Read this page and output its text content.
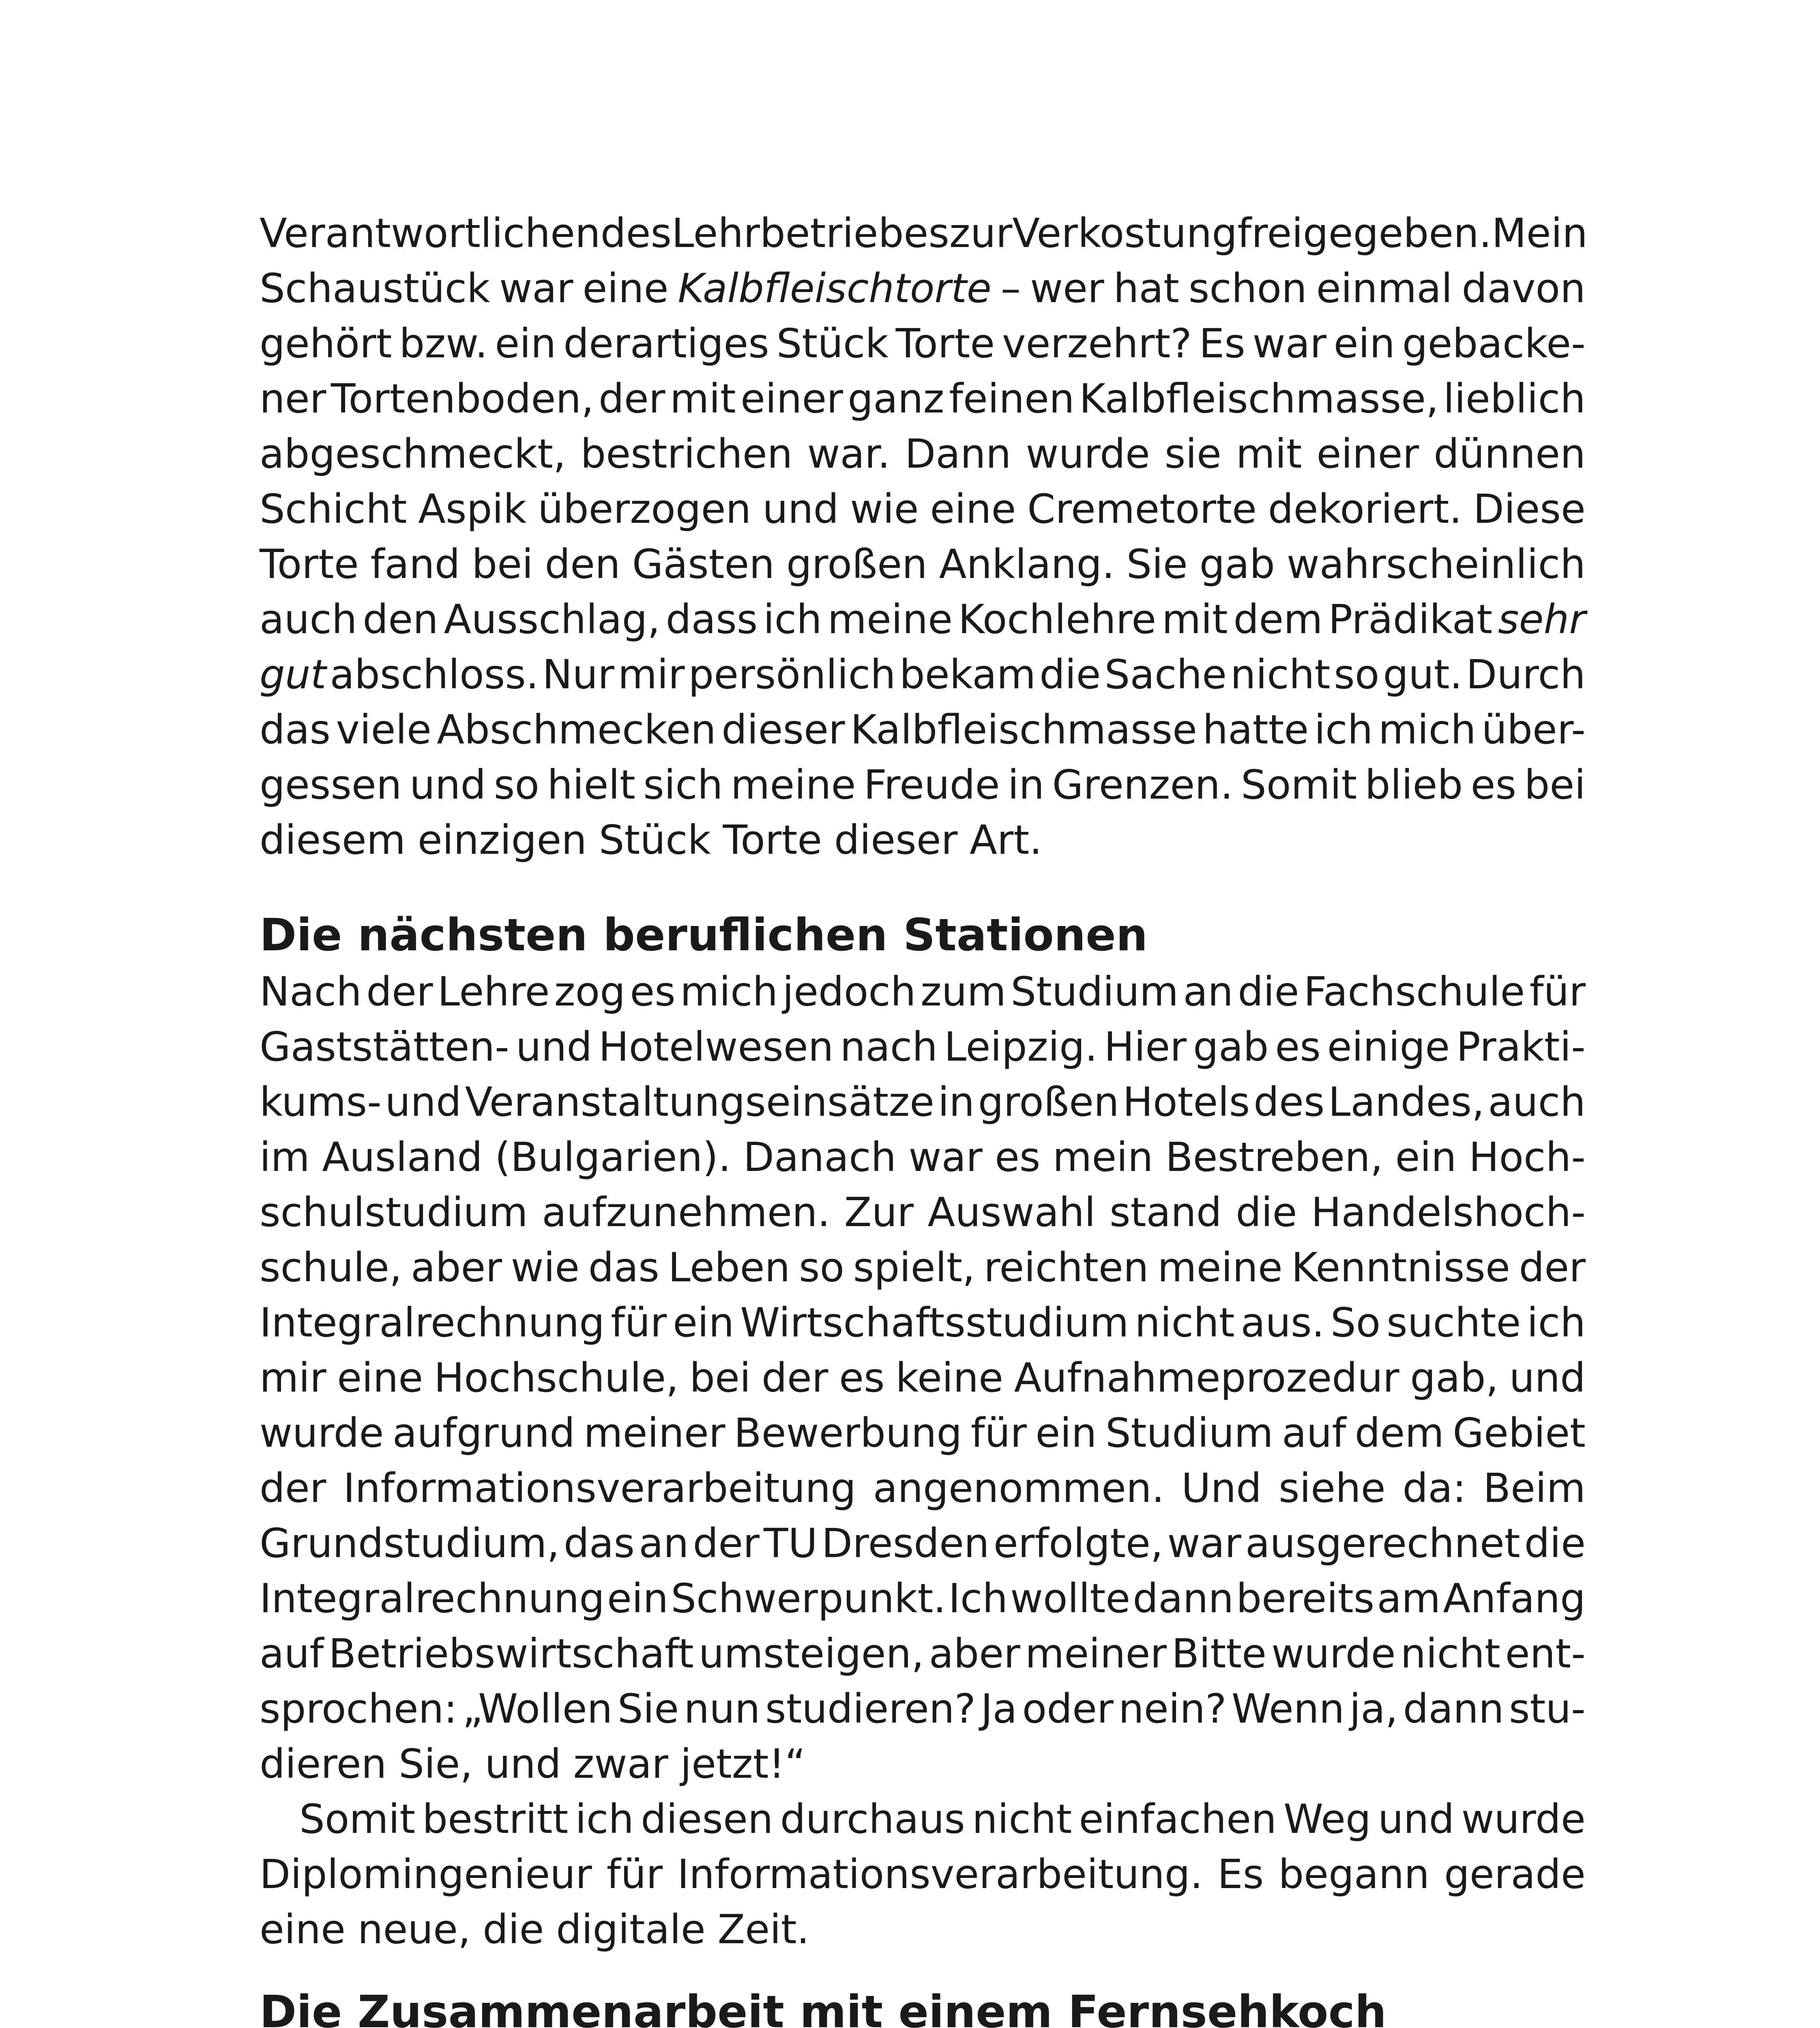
Verantwortlichen des Lehrbetriebes zur Verkostung freigegeben. Mein
Schaustück war eine Kalbfleischtorte – wer hat schon einmal davon
gehört bzw. ein derartiges Stück Torte verzehrt? Es war ein gebacke-
ner Tortenboden, der mit einer ganz feinen Kalbfleischmasse, lieblich
abgeschmeckt, bestrichen war. Dann wurde sie mit einer dünnen
Schicht Aspik überzogen und wie eine Cremetorte dekoriert. Diese
Torte fand bei den Gästen großen Anklang. Sie gab wahrscheinlich
auch den Ausschlag, dass ich meine Kochlehre mit dem Prädikat sehr
gut abschloss. Nur mir persönlich bekam die Sache nicht so gut. Durch
das viele Abschmecken dieser Kalbfleischmasse hatte ich mich über-
gessen und so hielt sich meine Freude in Grenzen. Somit blieb es bei
diesem einzigen Stück Torte dieser Art.
Die nächsten beruflichen Stationen
Nach der Lehre zog es mich jedoch zum Studium an die Fachschule für
Gaststätten- und Hotelwesen nach Leipzig. Hier gab es einige Prakti-
kums- und Veranstaltungseinsätze in großen Hotels des Landes, auch
im Ausland (Bulgarien). Danach war es mein Bestreben, ein Hoch-
schulstudium aufzunehmen. Zur Auswahl stand die Handelshoch-
schule, aber wie das Leben so spielt, reichten meine Kenntnisse der
Integralrechnung für ein Wirtschaftsstudium nicht aus. So suchte ich
mir eine Hochschule, bei der es keine Aufnahmeprozedur gab, und
wurde aufgrund meiner Bewerbung für ein Studium auf dem Gebiet
der Informationsverarbeitung angenommen. Und siehe da: Beim
Grundstudium, das an der TU Dresden erfolgte, war ausgerechnet die
Integralrechnung ein Schwerpunkt. Ich wollte dann bereits am Anfang
auf Betriebswirtschaft umsteigen, aber meiner Bitte wurde nicht ent-
sprochen: „Wollen Sie nun studieren? Ja oder nein? Wenn ja, dann stu-
dieren Sie, und zwar jetzt!“
Somit bestritt ich diesen durchaus nicht einfachen Weg und wurde
Diplomingenieur für Informationsverarbeitung. Es begann gerade
eine neue, die digitale Zeit.
Die Zusammenarbeit mit einem Fernsehkoch
